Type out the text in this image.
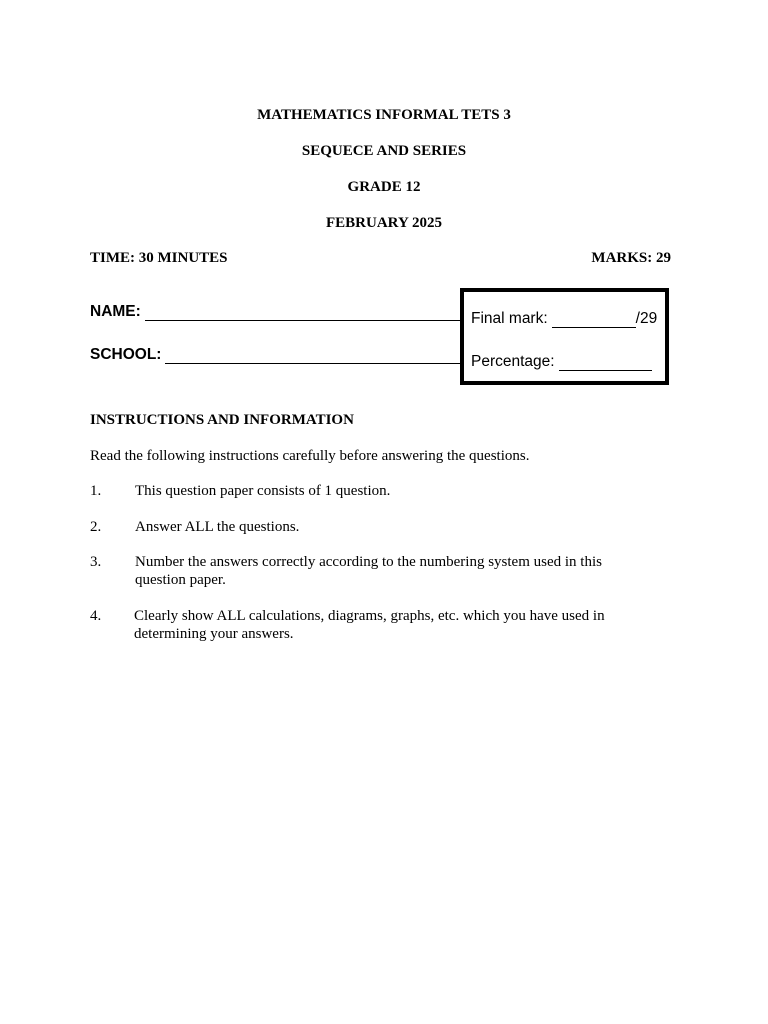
MATHEMATICS INFORMAL TETS 3
SEQUECE AND SERIES
GRADE 12
FEBRUARY 2025
TIME: 30 MINUTES	MARKS: 29
NAME:
SCHOOL:
Final mark:	/29
Percentage:
INSTRUCTIONS AND INFORMATION
Read the following instructions carefully before answering the questions.
1. This question paper consists of 1 question.
2. Answer ALL the questions.
3. Number the answers correctly according to the numbering system used in this question paper.
4. Clearly show ALL calculations, diagrams, graphs, etc. which you have used in determining your answers.
